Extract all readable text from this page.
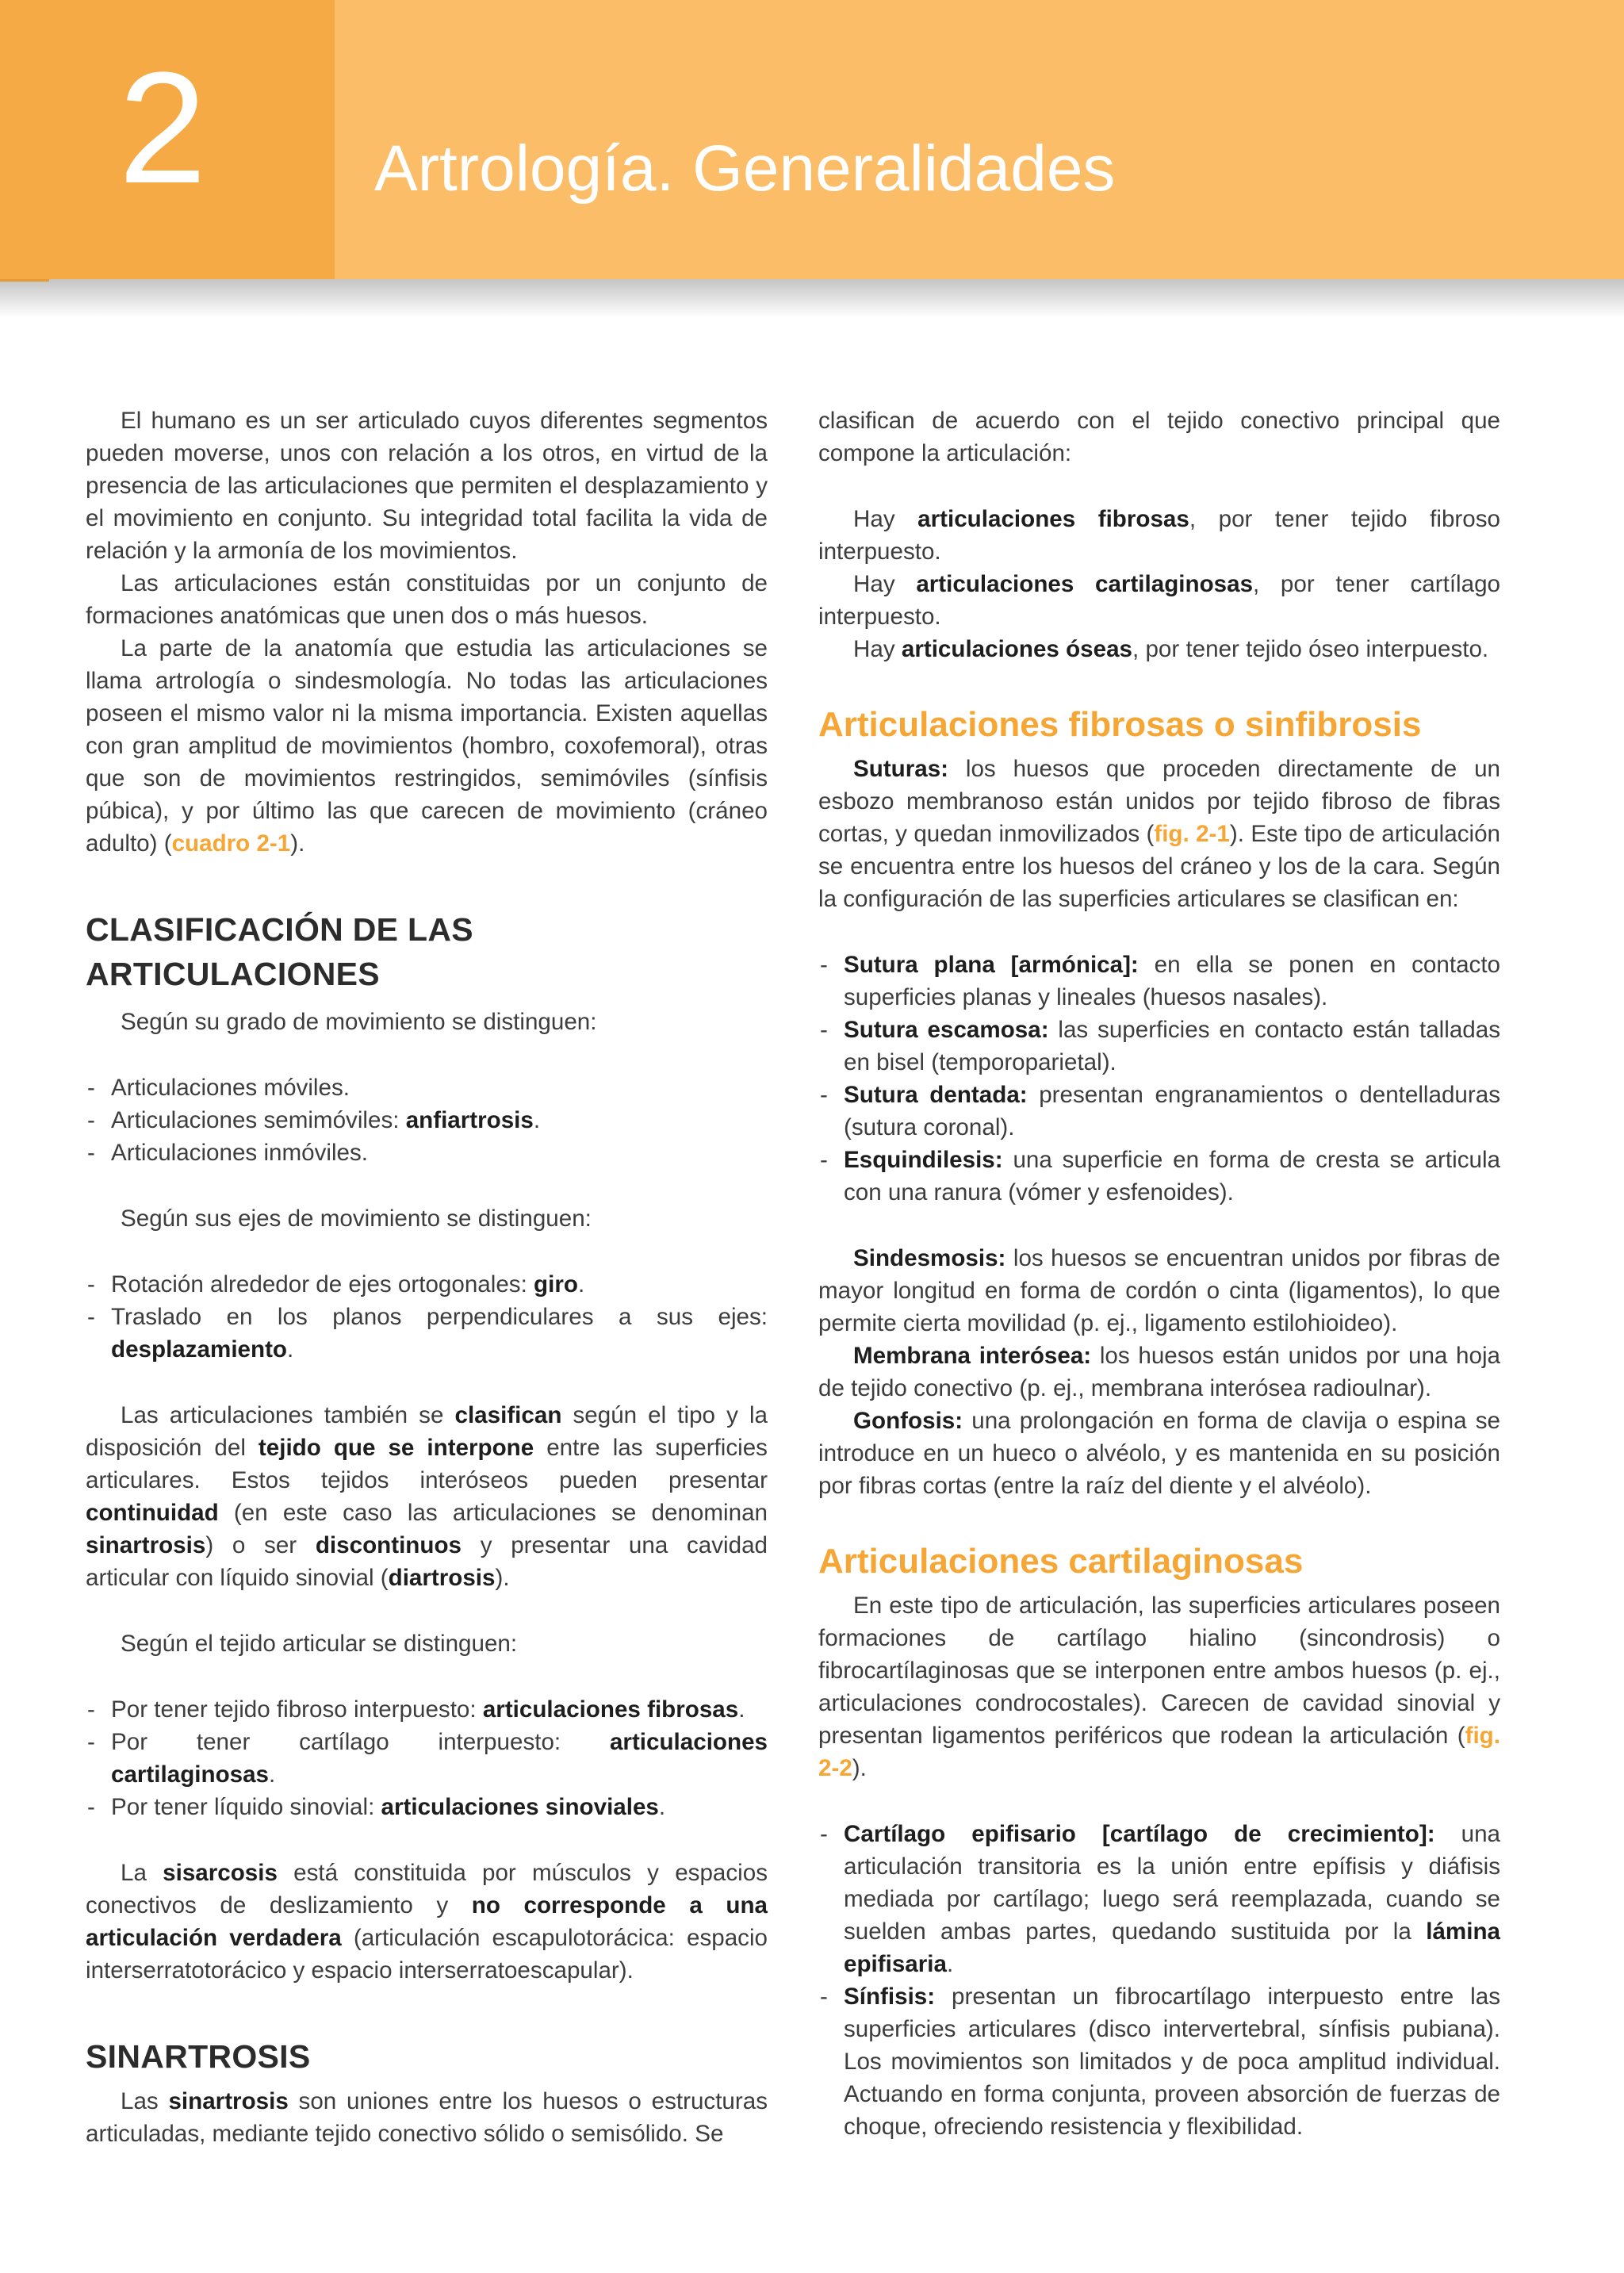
2	Artrología. Generalidades

El humano es un ser articulado cuyos diferentes segmentos pueden moverse, unos con relación a los otros, en virtud de la presencia de las articulaciones que permiten el desplazamiento y el movimiento en conjunto. Su integridad total facilita la vida de relación y la armonía de los movimientos.

Las articulaciones están constituidas por un conjunto de formaciones anatómicas que unen dos o más huesos.

La parte de la anatomía que estudia las articulaciones se llama artrología o sindesmología. No todas las articulaciones poseen el mismo valor ni la misma importancia. Existen aquellas con gran amplitud de movimientos (hombro, coxofemoral), otras que son de movimientos restringidos, semimóviles (sínfisis púbica), y por último las que carecen de movimiento (cráneo adulto) (cuadro 2-1).

CLASIFICACIÓN DE LAS ARTICULACIONES

Según su grado de movimiento se distinguen:

- Articulaciones móviles.
- Articulaciones semimóviles: anfiartrosis.
- Articulaciones inmóviles.

Según sus ejes de movimiento se distinguen:

- Rotación alrededor de ejes ortogonales: giro.
- Traslado en los planos perpendiculares a sus ejes: desplazamiento.

Las articulaciones también se clasifican según el tipo y la disposición del tejido que se interpone entre las superficies articulares. Estos tejidos interóseos pueden presentar continuidad (en este caso las articulaciones se denominan sinartrosis) o ser discontinuos y presentar una cavidad articular con líquido sinovial (diartrosis).

Según el tejido articular se distinguen:

- Por tener tejido fibroso interpuesto: articulaciones fibrosas.
- Por tener cartílago interpuesto: articulaciones cartilaginosas.
- Por tener líquido sinovial: articulaciones sinoviales.

La sisarcosis está constituida por músculos y espacios conectivos de deslizamiento y no corresponde a una articulación verdadera (articulación escapulotorácica: espacio interserratotorácico y espacio interserratoescapular).

SINARTROSIS

Las sinartrosis son uniones entre los huesos o estructuras articuladas, mediante tejido conectivo sólido o semisólido. Se

clasifican de acuerdo con el tejido conectivo principal que compone la articulación:

Hay articulaciones fibrosas, por tener tejido fibroso interpuesto.

Hay articulaciones cartilaginosas, por tener cartílago interpuesto.

Hay articulaciones óseas, por tener tejido óseo interpuesto.

Articulaciones fibrosas o sinfibrosis

Suturas: los huesos que proceden directamente de un esbozo membranoso están unidos por tejido fibroso de fibras cortas, y quedan inmovilizados (fig. 2-1). Este tipo de articulación se encuentra entre los huesos del cráneo y los de la cara. Según la configuración de las superficies articulares se clasifican en:

- Sutura plana [armónica]: en ella se ponen en contacto superficies planas y lineales (huesos nasales).
- Sutura escamosa: las superficies en contacto están talladas en bisel (temporoparietal).
- Sutura dentada: presentan engranamientos o dentelladuras (sutura coronal).
- Esquindilesis: una superficie en forma de cresta se articula con una ranura (vómer y esfenoides).

Sindesmosis: los huesos se encuentran unidos por fibras de mayor longitud en forma de cordón o cinta (ligamentos), lo que permite cierta movilidad (p. ej., ligamento estilohioideo).

Membrana interósea: los huesos están unidos por una hoja de tejido conectivo (p. ej., membrana interósea radioulnar).

Gonfosis: una prolongación en forma de clavija o espina se introduce en un hueco o alvéolo, y es mantenida en su posición por fibras cortas (entre la raíz del diente y el alvéolo).

Articulaciones cartilaginosas

En este tipo de articulación, las superficies articulares poseen formaciones de cartílago hialino (sincondrosis) o fibrocartílaginosas que se interponen entre ambos huesos (p. ej., articulaciones condrocostales). Carecen de cavidad sinovial y presentan ligamentos periféricos que rodean la articulación (fig. 2-2).

- Cartílago epifisario [cartílago de crecimiento]: una articulación transitoria es la unión entre epífisis y diáfisis mediada por cartílago; luego será reemplazada, cuando se suelden ambas partes, quedando sustituida por la lámina epifisaria.
- Sínfisis: presentan un fibrocartílago interpuesto entre las superficies articulares (disco intervertebral, sínfisis pubiana). Los movimientos son limitados y de poca amplitud individual. Actuando en forma conjunta, proveen absorción de fuerzas de choque, ofreciendo resistencia y flexibilidad.
